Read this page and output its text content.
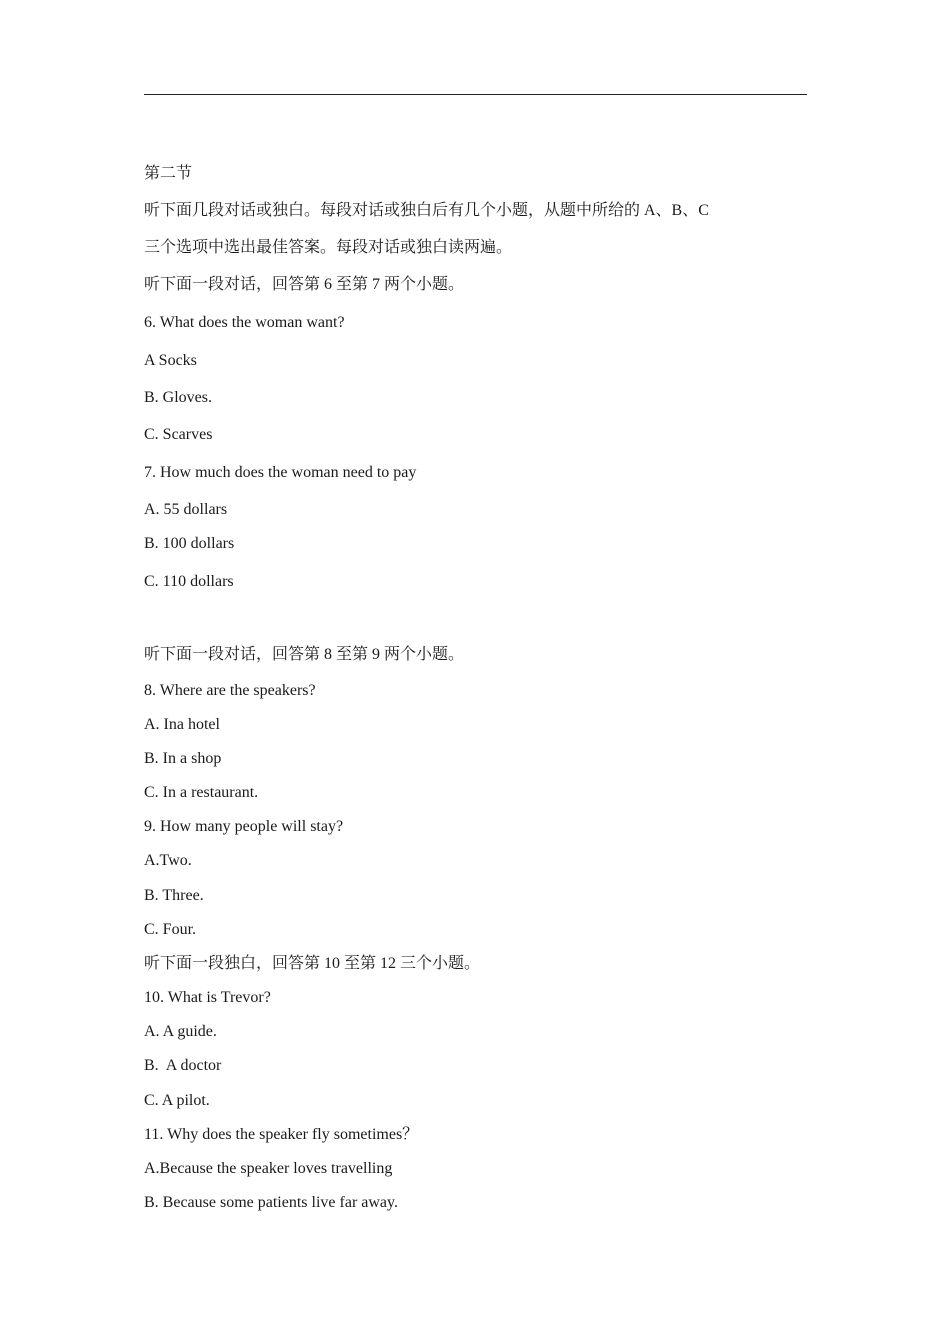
第二节
听下面几段对话或独白。每段对话或独白后有几个小题，从题中所给的 A、B、C
三个选项中选出最佳答案。每段对话或独白读两遍。
听下面一段对话，回答第 6 至第 7 两个小题。
6. What does the woman want?
A Socks
B. Gloves.
C. Scarves
7. How much does the woman need to pay
A. 55 dollars
B. 100 dollars
C. 110 dollars
听下面一段对话，回答第 8 至第 9 两个小题。
8. Where are the speakers?
A. Ina hotel
B. In a shop
C. In a restaurant.
9. How many people will stay?
A.Two.
B. Three.
C. Four.
听下面一段独白，回答第 10 至第 12 三个小题。
10. What is Trevor?
A. A guide.
B.  A doctor
C. A pilot.
11. Why does the speaker fly sometimes？
A.Because the speaker loves travelling
B. Because some patients live far away.
